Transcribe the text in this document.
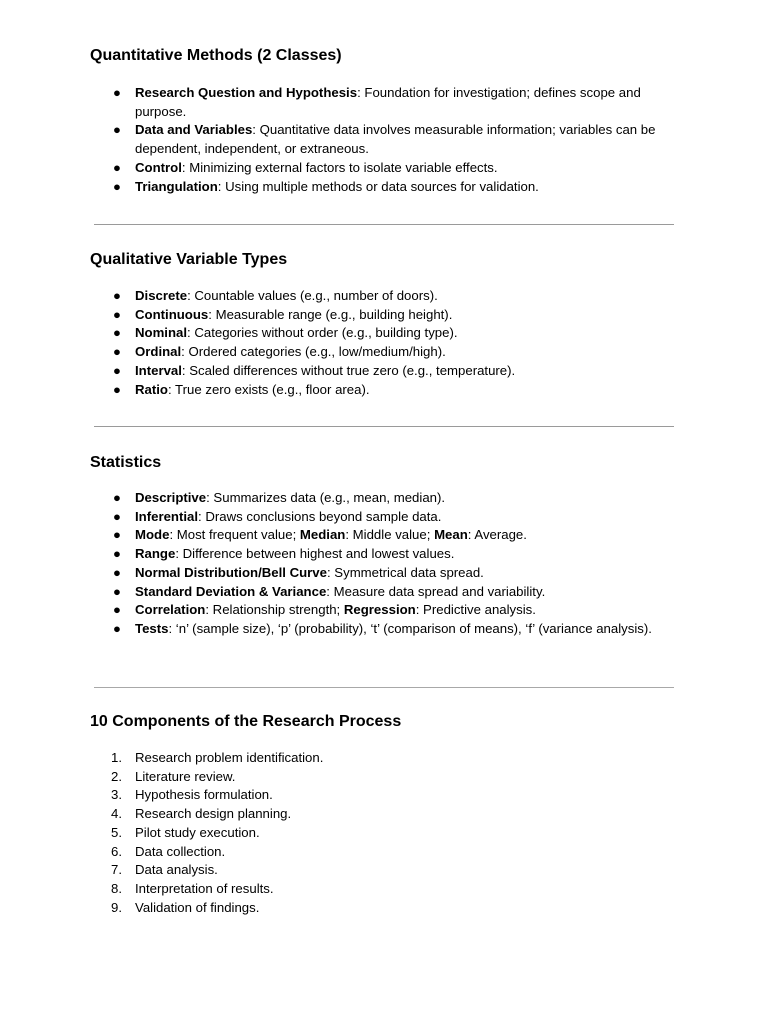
Quantitative Methods (2 Classes)
● Research Question and Hypothesis: Foundation for investigation; defines scope and purpose.
● Data and Variables: Quantitative data involves measurable information; variables can be dependent, independent, or extraneous.
● Control: Minimizing external factors to isolate variable effects.
● Triangulation: Using multiple methods or data sources for validation.
Qualitative Variable Types
● Discrete: Countable values (e.g., number of doors).
● Continuous: Measurable range (e.g., building height).
● Nominal: Categories without order (e.g., building type).
● Ordinal: Ordered categories (e.g., low/medium/high).
● Interval: Scaled differences without true zero (e.g., temperature).
● Ratio: True zero exists (e.g., floor area).
Statistics
● Descriptive: Summarizes data (e.g., mean, median).
● Inferential: Draws conclusions beyond sample data.
● Mode: Most frequent value; Median: Middle value; Mean: Average.
● Range: Difference between highest and lowest values.
● Normal Distribution/Bell Curve: Symmetrical data spread.
● Standard Deviation & Variance: Measure data spread and variability.
● Correlation: Relationship strength; Regression: Predictive analysis.
● Tests: ‘n’ (sample size), ‘p’ (probability), ‘t’ (comparison of means), ‘f’ (variance analysis).
10 Components of the Research Process
1. Research problem identification.
2. Literature review.
3. Hypothesis formulation.
4. Research design planning.
5. Pilot study execution.
6. Data collection.
7. Data analysis.
8. Interpretation of results.
9. Validation of findings.
